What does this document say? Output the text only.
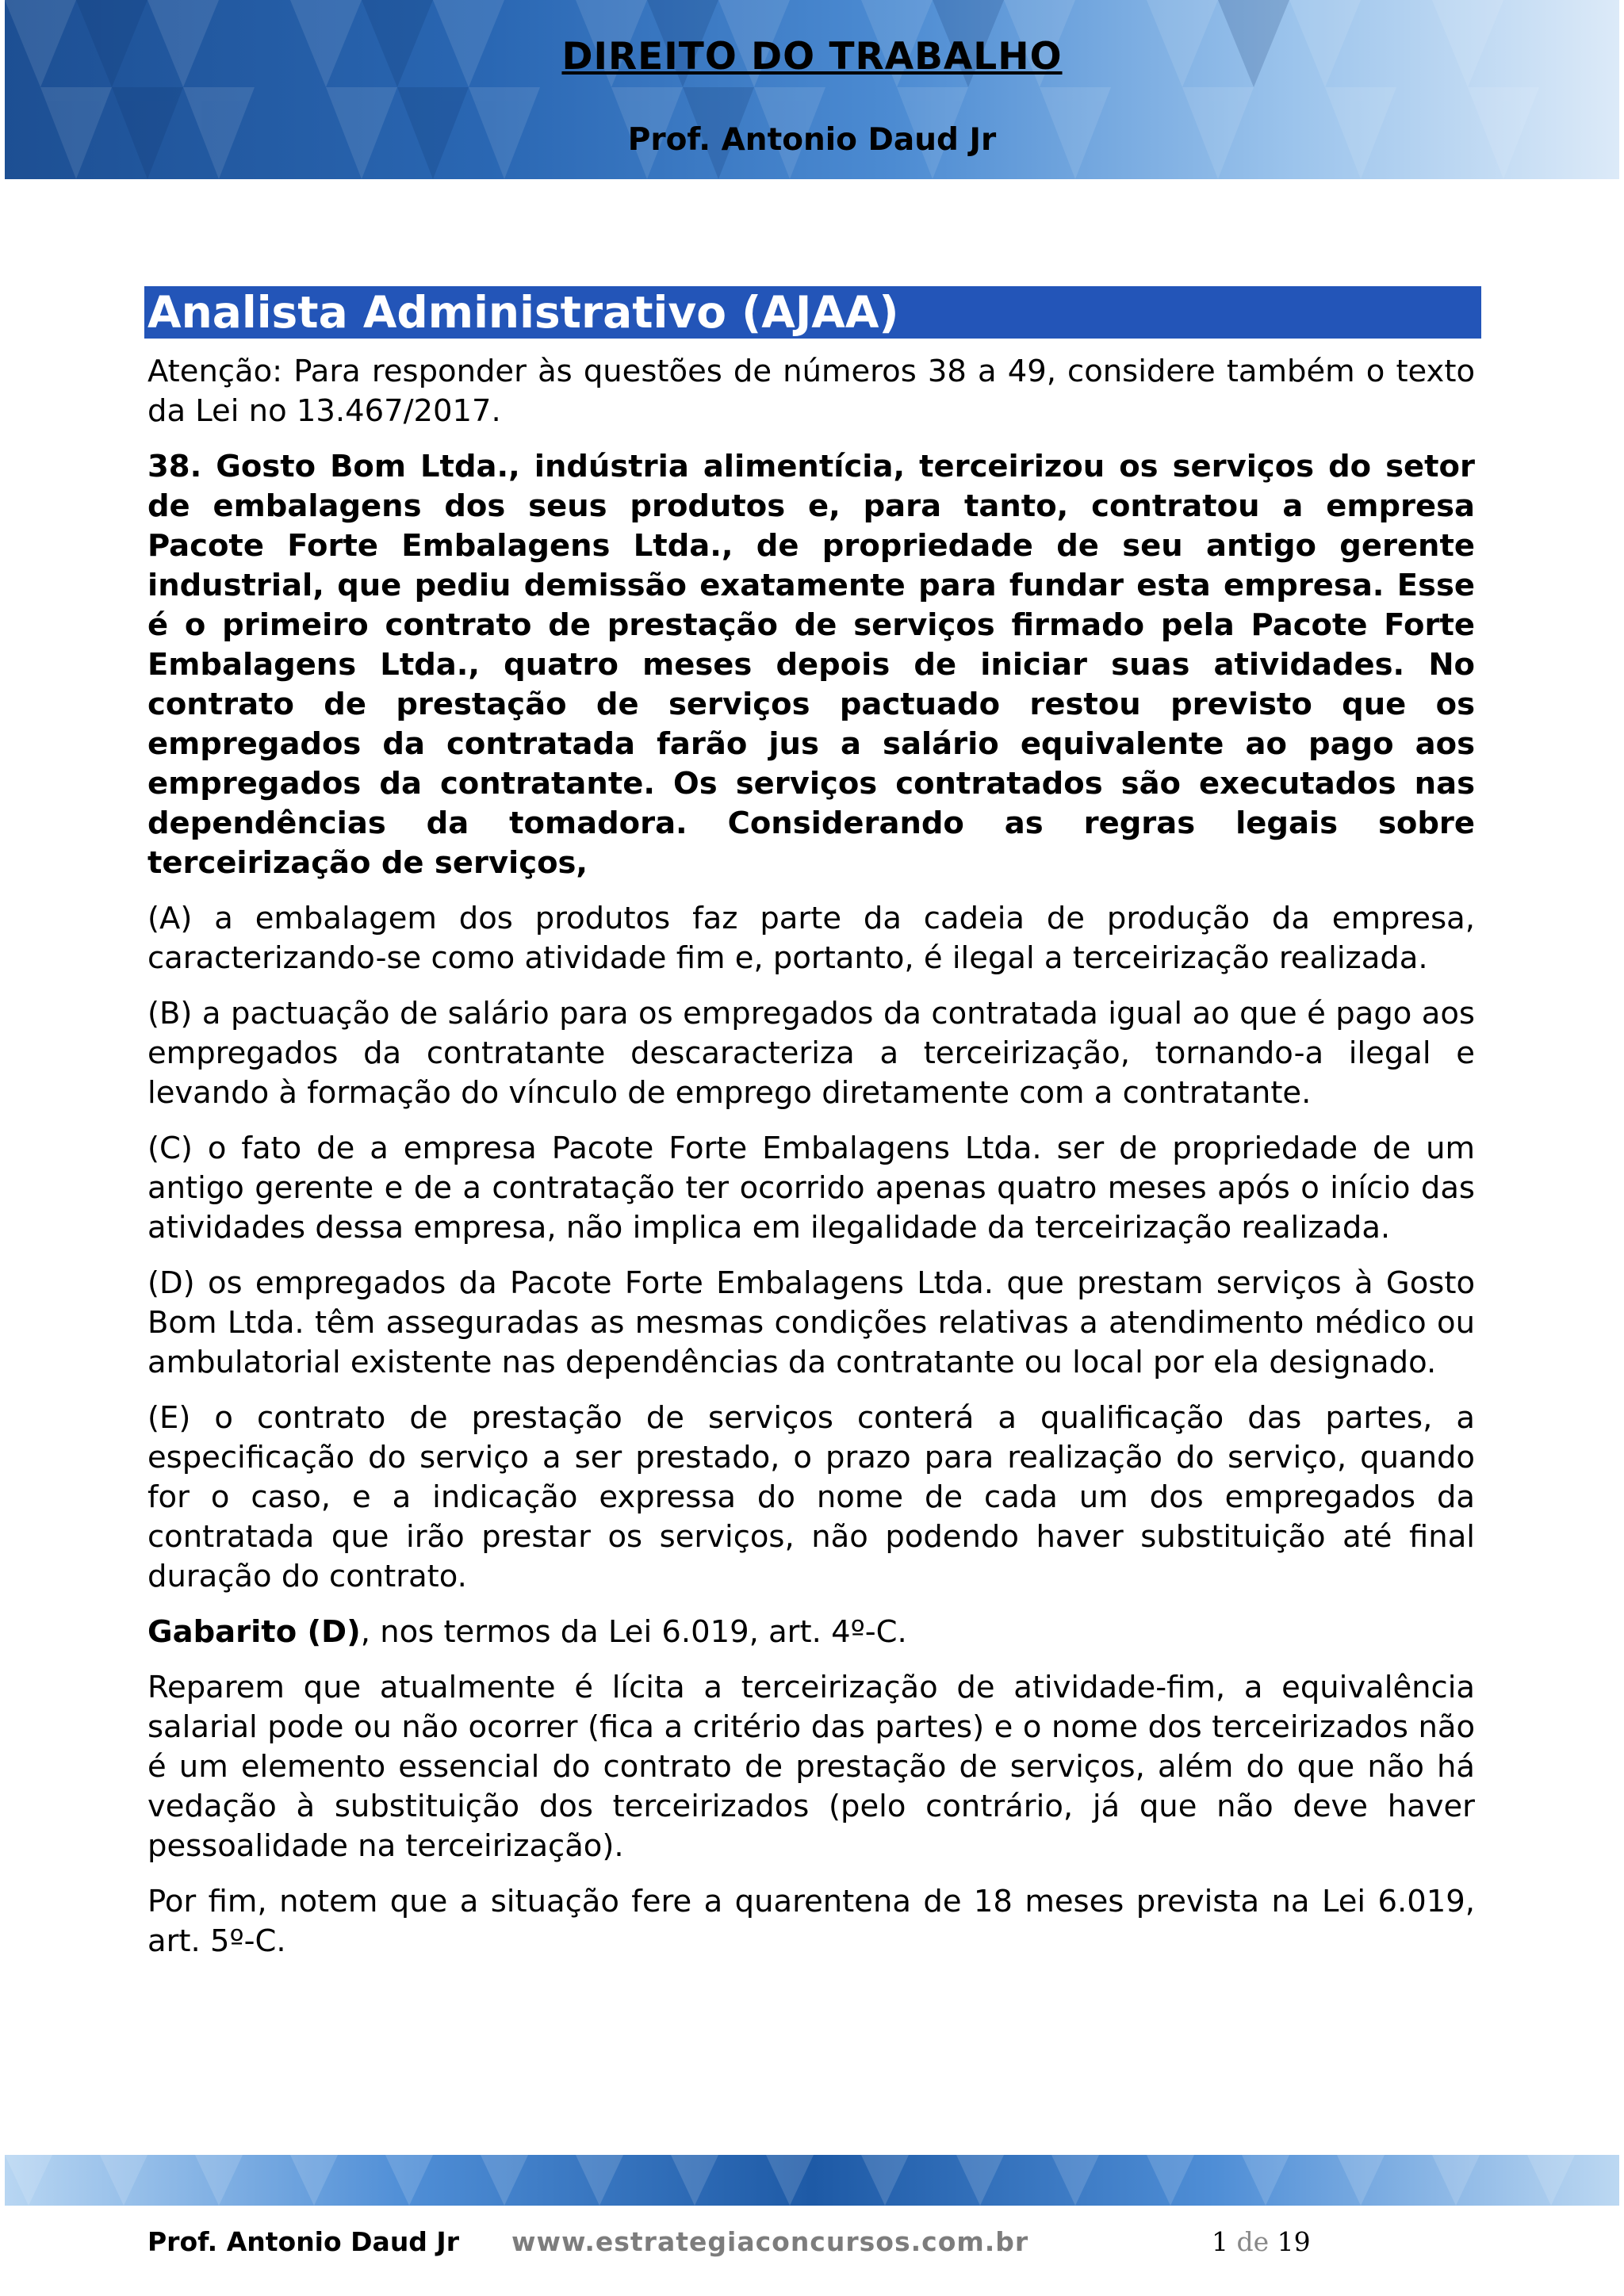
DIREITO DO TRABALHO
Prof. Antonio Daud Jr
Analista Administrativo (AJAA)

Atenção: Para responder às questões de números 38 a 49, considere também o texto da Lei no 13.467/2017.

38. Gosto Bom Ltda., indústria alimentícia, terceirizou os serviços do setor de embalagens dos seus produtos e, para tanto, contratou a empresa Pacote Forte Embalagens Ltda., de propriedade de seu antigo gerente industrial, que pediu demissão exatamente para fundar esta empresa. Esse é o primeiro contrato de prestação de serviços firmado pela Pacote Forte Embalagens Ltda., quatro meses depois de iniciar suas atividades. No contrato de prestação de serviços pactuado restou previsto que os empregados da contratada farão jus a salário equivalente ao pago aos empregados da contratante. Os serviços contratados são executados nas dependências da tomadora. Considerando as regras legais sobre terceirização de serviços,

(A) a embalagem dos produtos faz parte da cadeia de produção da empresa, caracterizando-se como atividade fim e, portanto, é ilegal a terceirização realizada.

(B) a pactuação de salário para os empregados da contratada igual ao que é pago aos empregados da contratante descaracteriza a terceirização, tornando-a ilegal e levando à formação do vínculo de emprego diretamente com a contratante.

(C) o fato de a empresa Pacote Forte Embalagens Ltda. ser de propriedade de um antigo gerente e de a contratação ter ocorrido apenas quatro meses após o início das atividades dessa empresa, não implica em ilegalidade da terceirização realizada.

(D) os empregados da Pacote Forte Embalagens Ltda. que prestam serviços à Gosto Bom Ltda. têm asseguradas as mesmas condições relativas a atendimento médico ou ambulatorial existente nas dependências da contratante ou local por ela designado.

(E) o contrato de prestação de serviços conterá a qualificação das partes, a especificação do serviço a ser prestado, o prazo para realização do serviço, quando for o caso, e a indicação expressa do nome de cada um dos empregados da contratada que irão prestar os serviços, não podendo haver substituição até final duração do contrato.

Gabarito (D), nos termos da Lei 6.019, art. 4º-C.

Reparem que atualmente é lícita a terceirização de atividade-fim, a equivalência salarial pode ou não ocorrer (fica a critério das partes) e o nome dos terceirizados não é um elemento essencial do contrato de prestação de serviços, além do que não há vedação à substituição dos terceirizados (pelo contrário, já que não deve haver pessoalidade na terceirização).

Por fim, notem que a situação fere a quarentena de 18 meses prevista na Lei 6.019, art. 5º-C.

Prof. Antonio Daud Jr www.estrategiaconcursos.com.br	1 de 19
